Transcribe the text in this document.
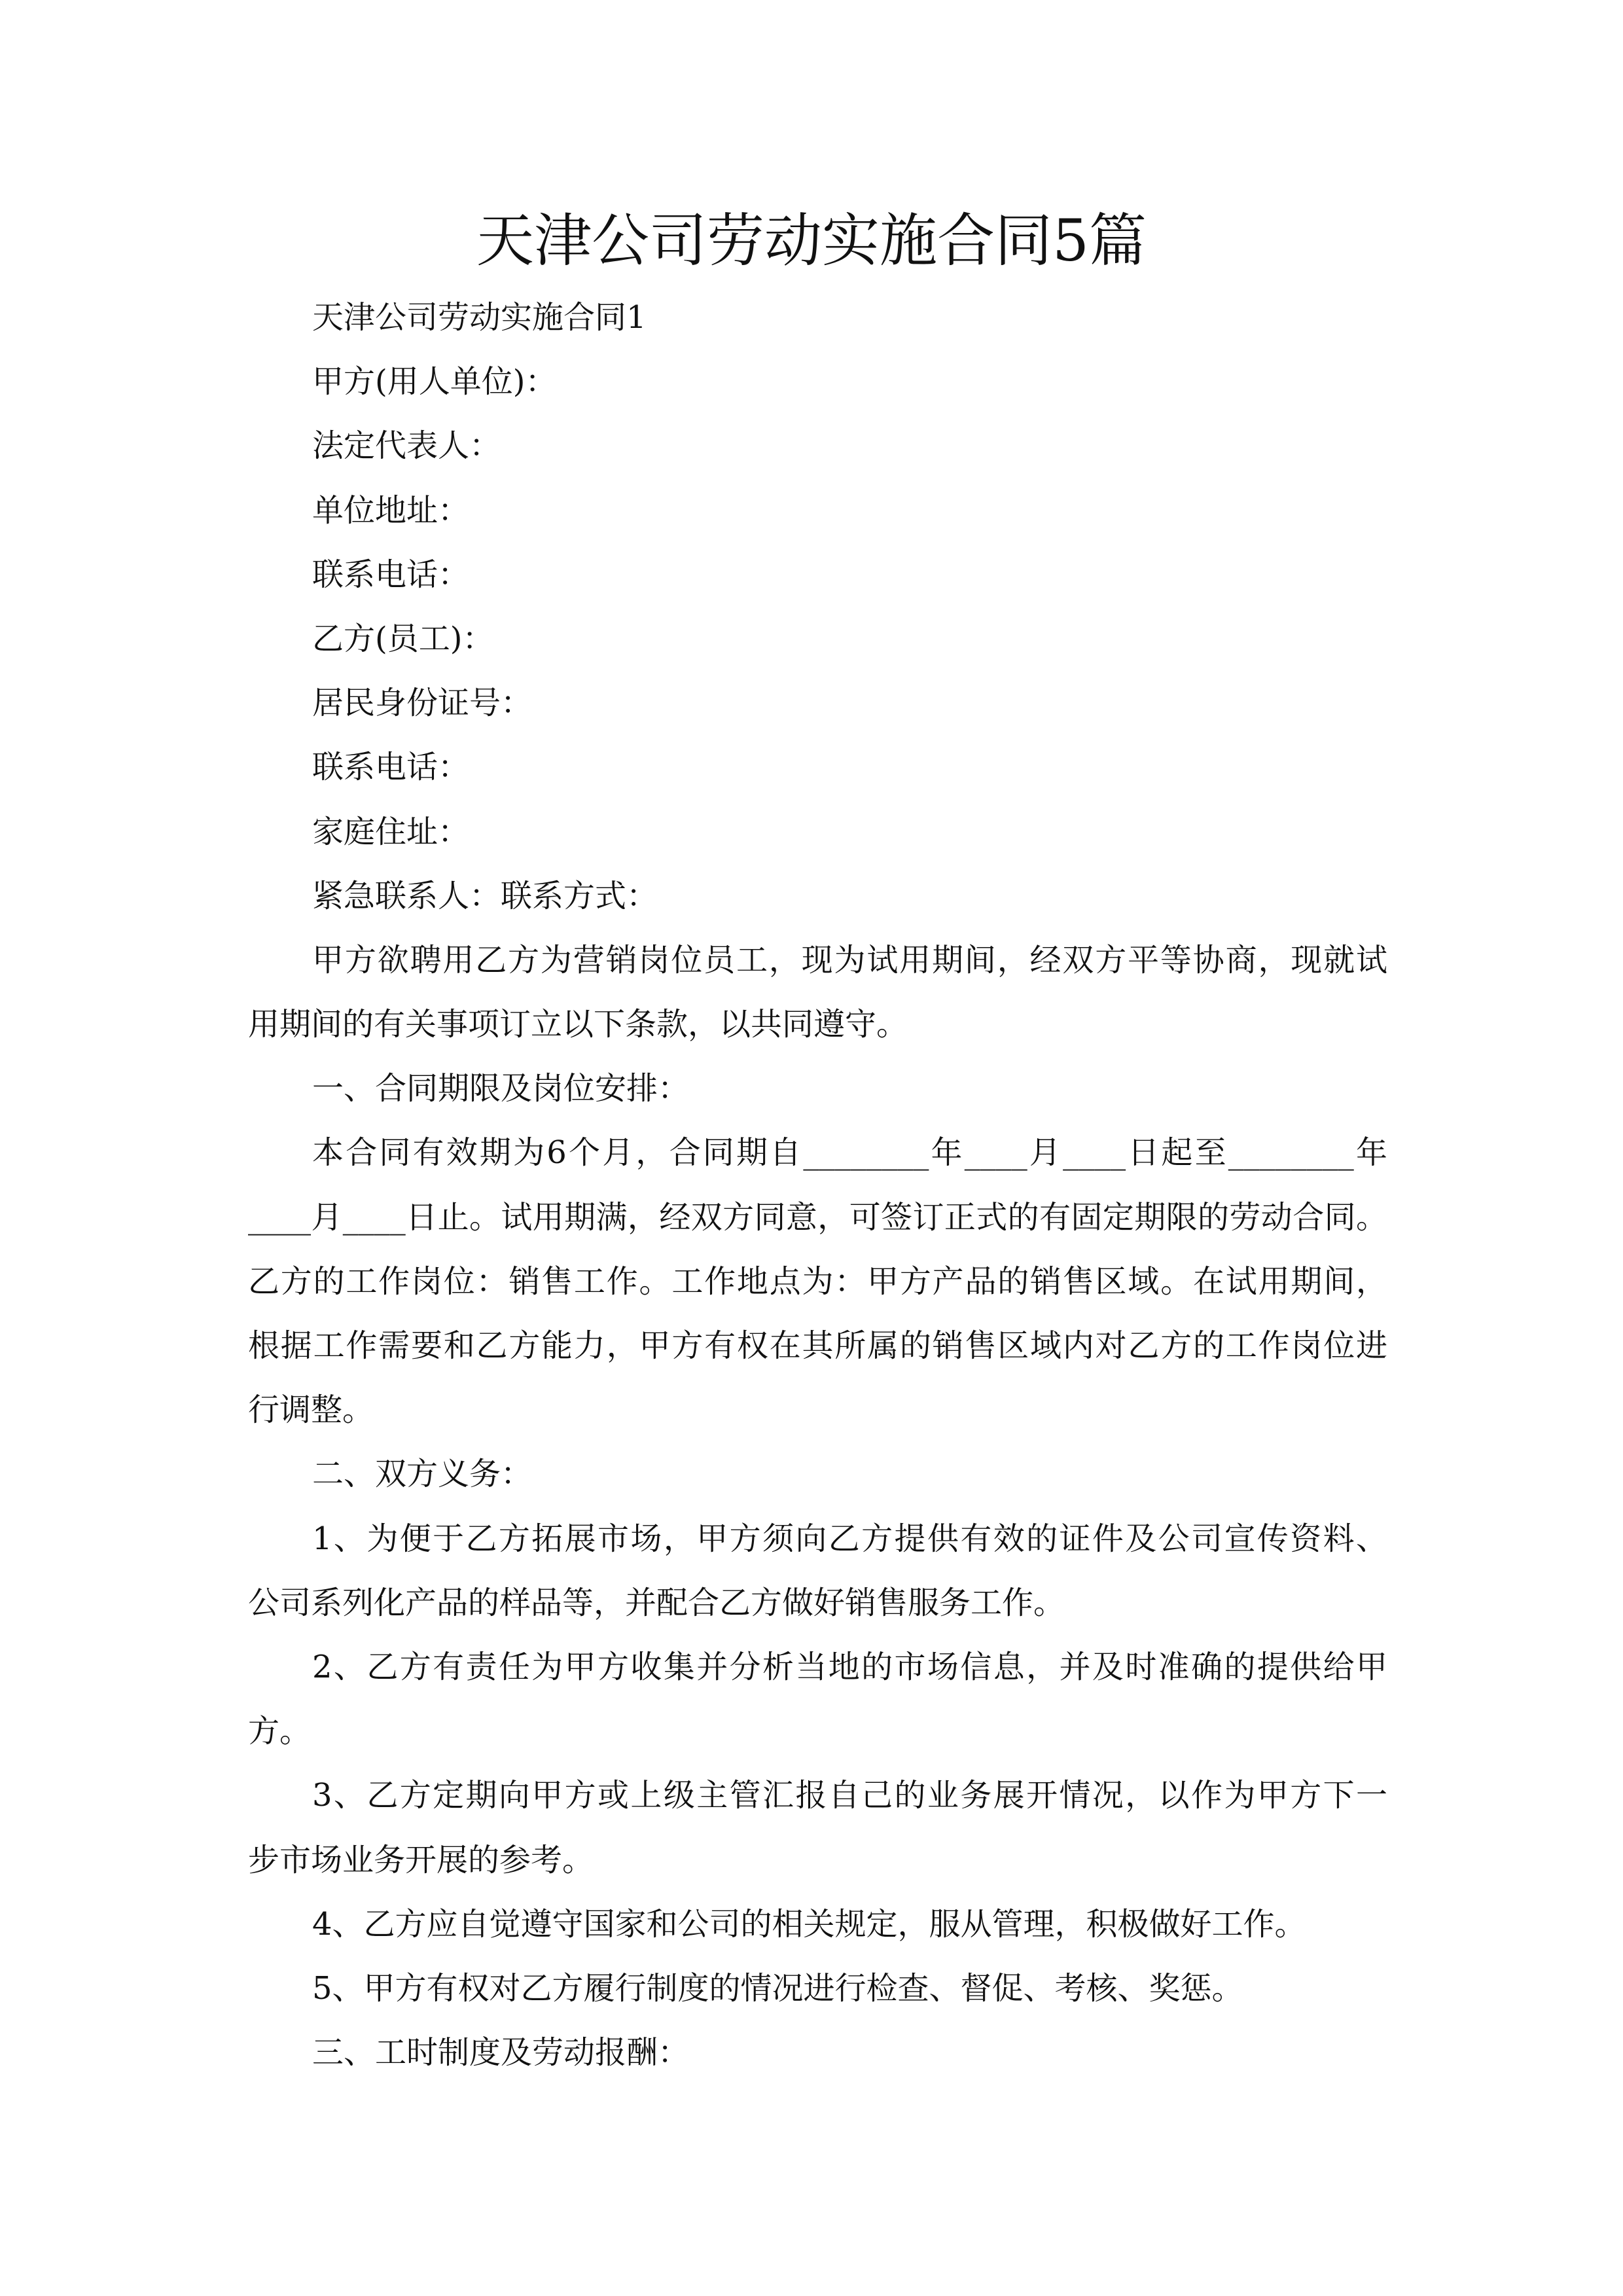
天津公司劳动实施合同5篇
天津公司劳动实施合同1
甲方(用人单位)：
法定代表人：
单位地址：
联系电话：
乙方(员工)：
居民身份证号：
联系电话：
家庭住址：
紧急联系人：联系方式：
甲方欲聘用乙方为营销岗位员工，现为试用期间，经双方平等协商，现就试
用期间的有关事项订立以下条款，以共同遵守。
一、合同期限及岗位安排：
本合同有效期为6个月，合同期自________年____月____日起至________年
____月____日止。试用期满，经双方同意，可签订正式的有固定期限的劳动合同。
乙方的工作岗位：销售工作。工作地点为：甲方产品的销售区域。在试用期间，
根据工作需要和乙方能力，甲方有权在其所属的销售区域内对乙方的工作岗位进
行调整。
二、双方义务：
1、为便于乙方拓展市场，甲方须向乙方提供有效的证件及公司宣传资料、
公司系列化产品的样品等，并配合乙方做好销售服务工作。
2、乙方有责任为甲方收集并分析当地的市场信息，并及时准确的提供给甲
方。
3、乙方定期向甲方或上级主管汇报自己的业务展开情况，以作为甲方下一
步市场业务开展的参考。
4、乙方应自觉遵守国家和公司的相关规定，服从管理，积极做好工作。
5、甲方有权对乙方履行制度的情况进行检查、督促、考核、奖惩。
三、工时制度及劳动报酬：
